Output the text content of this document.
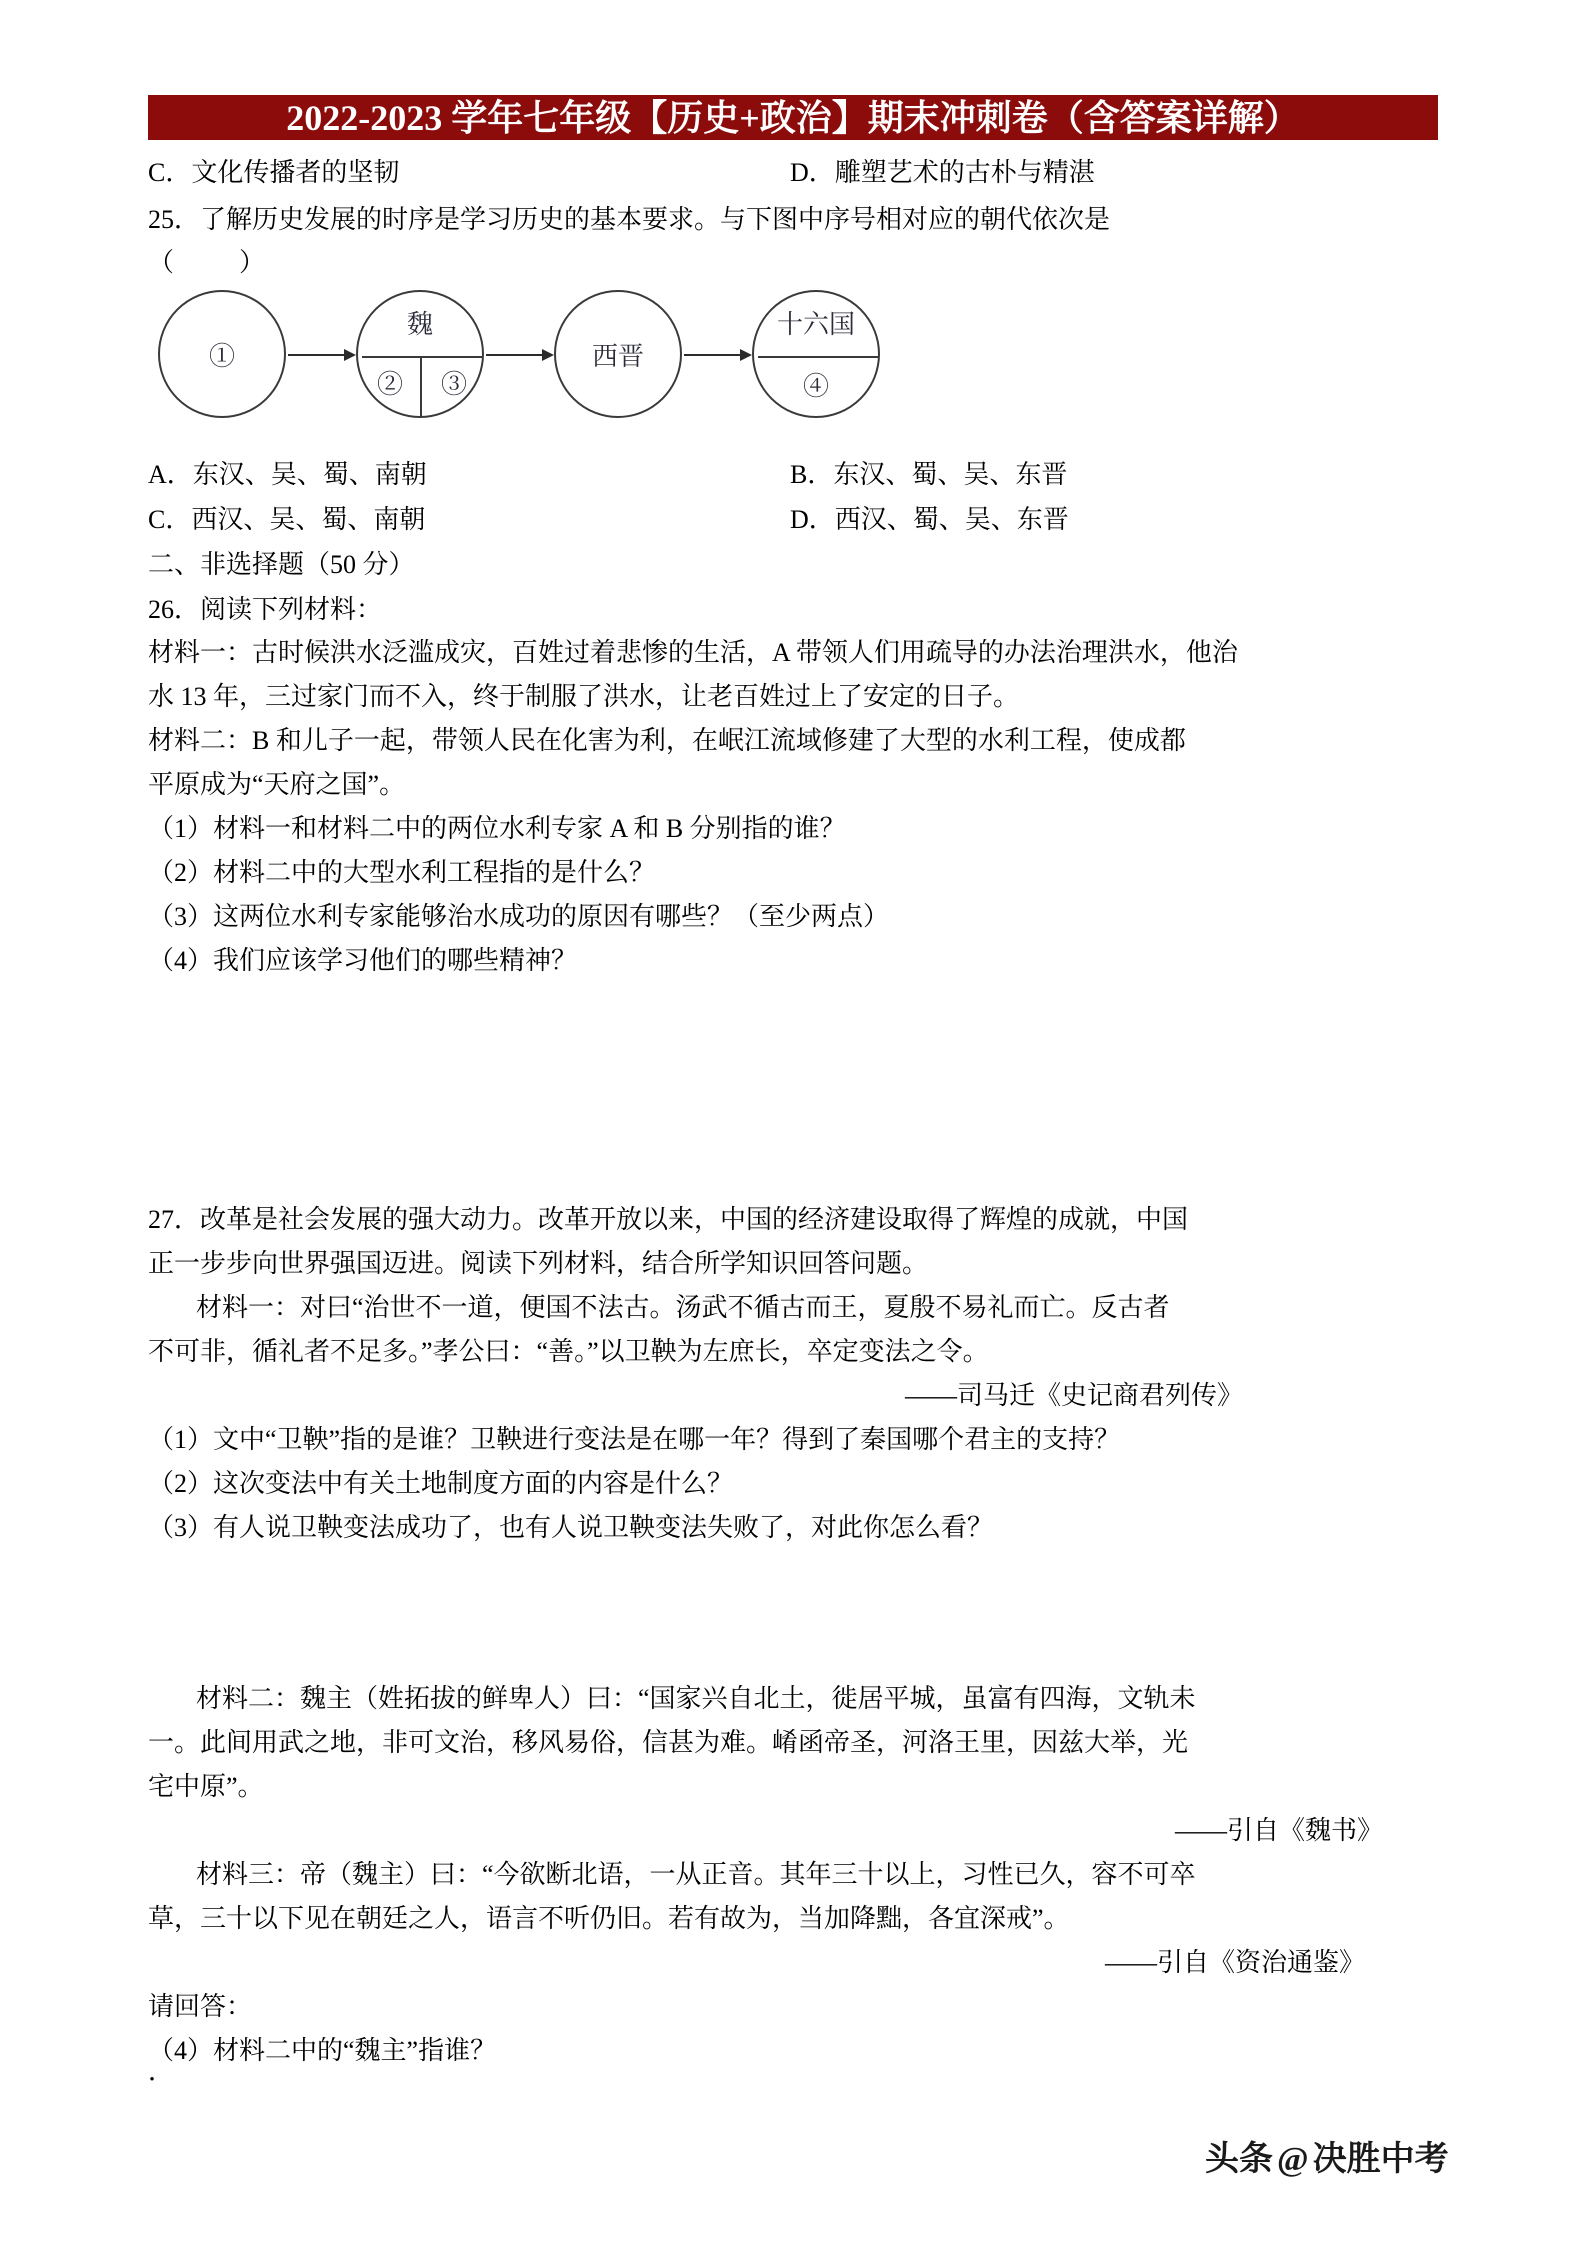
2022-2023 学年七年级【历史+政治】期末冲刺卷（含答案详解）
C．文化传播者的坚韧	D．雕塑艺术的古朴与精湛
25．了解历史发展的时序是学习历史的基本要求。与下图中序号相对应的朝代依次是
（          ）
①
魏
②	③
西晋
十六国
④
A．东汉、吴、蜀、南朝	B．东汉、蜀、吴、东晋
C．西汉、吴、蜀、南朝	D．西汉、蜀、吴、东晋
二、非选择题（50 分）
26．阅读下列材料：
材料一：古时候洪水泛滥成灾，百姓过着悲惨的生活，A 带领人们用疏导的办法治理洪水，他治
水 13 年，三过家门而不入，终于制服了洪水，让老百姓过上了安定的日子。
材料二：B 和儿子一起，带领人民在化害为利，在岷江流域修建了大型的水利工程，使成都
平原成为“天府之国”。
（1）材料一和材料二中的两位水利专家 A 和 B 分别指的谁？
（2）材料二中的大型水利工程指的是什么？
（3）这两位水利专家能够治水成功的原因有哪些？（至少两点）
（4）我们应该学习他们的哪些精神？
27．改革是社会发展的强大动力。改革开放以来，中国的经济建设取得了辉煌的成就，中国
正一步步向世界强国迈进。阅读下列材料，结合所学知识回答问题。
材料一：对曰“治世不一道，便国不法古。汤武不循古而王，夏殷不易礼而亡。反古者
不可非，循礼者不足多。”孝公曰：“善。”以卫鞅为左庶长，卒定变法之令。
——司马迁《史记商君列传》
（1）文中“卫鞅”指的是谁？卫鞅进行变法是在哪一年？得到了秦国哪个君主的支持？
（2）这次变法中有关土地制度方面的内容是什么？
（3）有人说卫鞅变法成功了，也有人说卫鞅变法失败了，对此你怎么看？
材料二：魏主（姓拓拔的鲜卑人）曰：“国家兴自北土，徙居平城，虽富有四海，文轨未
一。此间用武之地，非可文治，移风易俗，信甚为难。崤函帝圣，河洛王里，因兹大举，光
宅中原”。
——引自《魏书》
材料三：帝（魏主）曰：“今欲断北语，一从正音。其年三十以上，习性已久，容不可卒
草，三十以下见在朝廷之人，语言不听仍旧。若有故为，当加降黜，各宜深戒”。
——引自《资治通鉴》
请回答：
（4）材料二中的“魏主”指谁？
．
头条 @ 决胜中考
